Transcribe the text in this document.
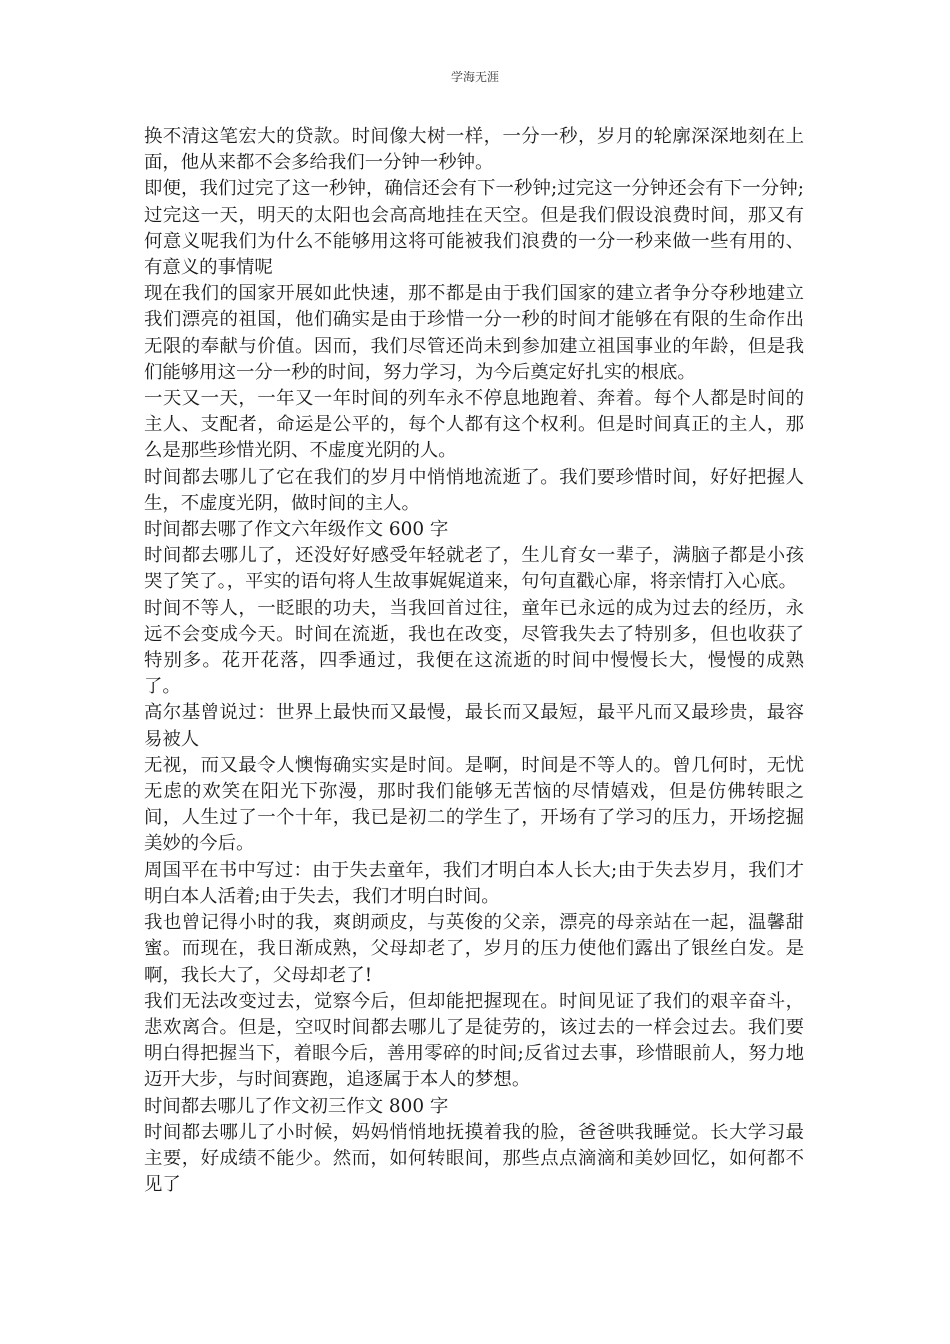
学海无涯

换不清这笔宏大的贷款。时间像大树一样，一分一秒，岁月的轮廓深深地刻在上面，他从来都不会多给我们一分钟一秒钟。

即便，我们过完了这一秒钟，确信还会有下一秒钟;过完这一分钟还会有下一分钟;过完这一天，明天的太阳也会高高地挂在天空。但是我们假设浪费时间，那又有何意义呢我们为什么不能够用这将可能被我们浪费的一分一秒来做一些有用的、有意义的事情呢

现在我们的国家开展如此快速，那不都是由于我们国家的建立者争分夺秒地建立我们漂亮的祖国，他们确实是由于珍惜一分一秒的时间才能够在有限的生命作出无限的奉献与价值。因而，我们尽管还尚未到参加建立祖国事业的年龄，但是我们能够用这一分一秒的时间，努力学习，为今后奠定好扎实的根底。

一天又一天，一年又一年时间的列车永不停息地跑着、奔着。每个人都是时间的主人、支配者，命运是公平的，每个人都有这个权利。但是时间真正的主人，那么是那些珍惜光阴、不虚度光阴的人。

时间都去哪儿了它在我们的岁月中悄悄地流逝了。我们要珍惜时间，好好把握人生，不虚度光阴，做时间的主人。

时间都去哪了作文六年级作文 600 字

时间都去哪儿了，还没好好感受年轻就老了，生儿育女一辈子，满脑子都是小孩哭了笑了。，平实的语句将人生故事娓娓道来，句句直戳心扉，将亲情打入心底。

时间不等人，一眨眼的功夫，当我回首过往，童年已永远的成为过去的经历，永远不会变成今天。时间在流逝，我也在改变，尽管我失去了特别多，但也收获了特别多。花开花落，四季通过，我便在这流逝的时间中慢慢长大，慢慢的成熟了。

高尔基曾说过：世界上最快而又最慢，最长而又最短，最平凡而又最珍贵，最容易被人

无视，而又最令人懊悔确实实是时间。是啊，时间是不等人的。曾几何时，无忧无虑的欢笑在阳光下弥漫，那时我们能够无苦恼的尽情嬉戏，但是仿佛转眼之间，人生过了一个十年，我已是初二的学生了，开场有了学习的压力，开场挖掘美妙的今后。

周国平在书中写过：由于失去童年，我们才明白本人长大;由于失去岁月，我们才明白本人活着;由于失去，我们才明白时间。

我也曾记得小时的我，爽朗顽皮，与英俊的父亲，漂亮的母亲站在一起，温馨甜蜜。而现在，我日渐成熟，父母却老了，岁月的压力使他们露出了银丝白发。是啊，我长大了，父母却老了!

我们无法改变过去，觉察今后，但却能把握现在。时间见证了我们的艰辛奋斗，悲欢离合。但是，空叹时间都去哪儿了是徒劳的，该过去的一样会过去。我们要明白得把握当下，着眼今后，善用零碎的时间;反省过去事，珍惜眼前人，努力地迈开大步，与时间赛跑，追逐属于本人的梦想。

时间都去哪儿了作文初三作文 800 字

时间都去哪儿了小时候，妈妈悄悄地抚摸着我的脸，爸爸哄我睡觉。长大学习最主要，好成绩不能少。然而，如何转眼间，那些点点滴滴和美妙回忆，如何都不见了
